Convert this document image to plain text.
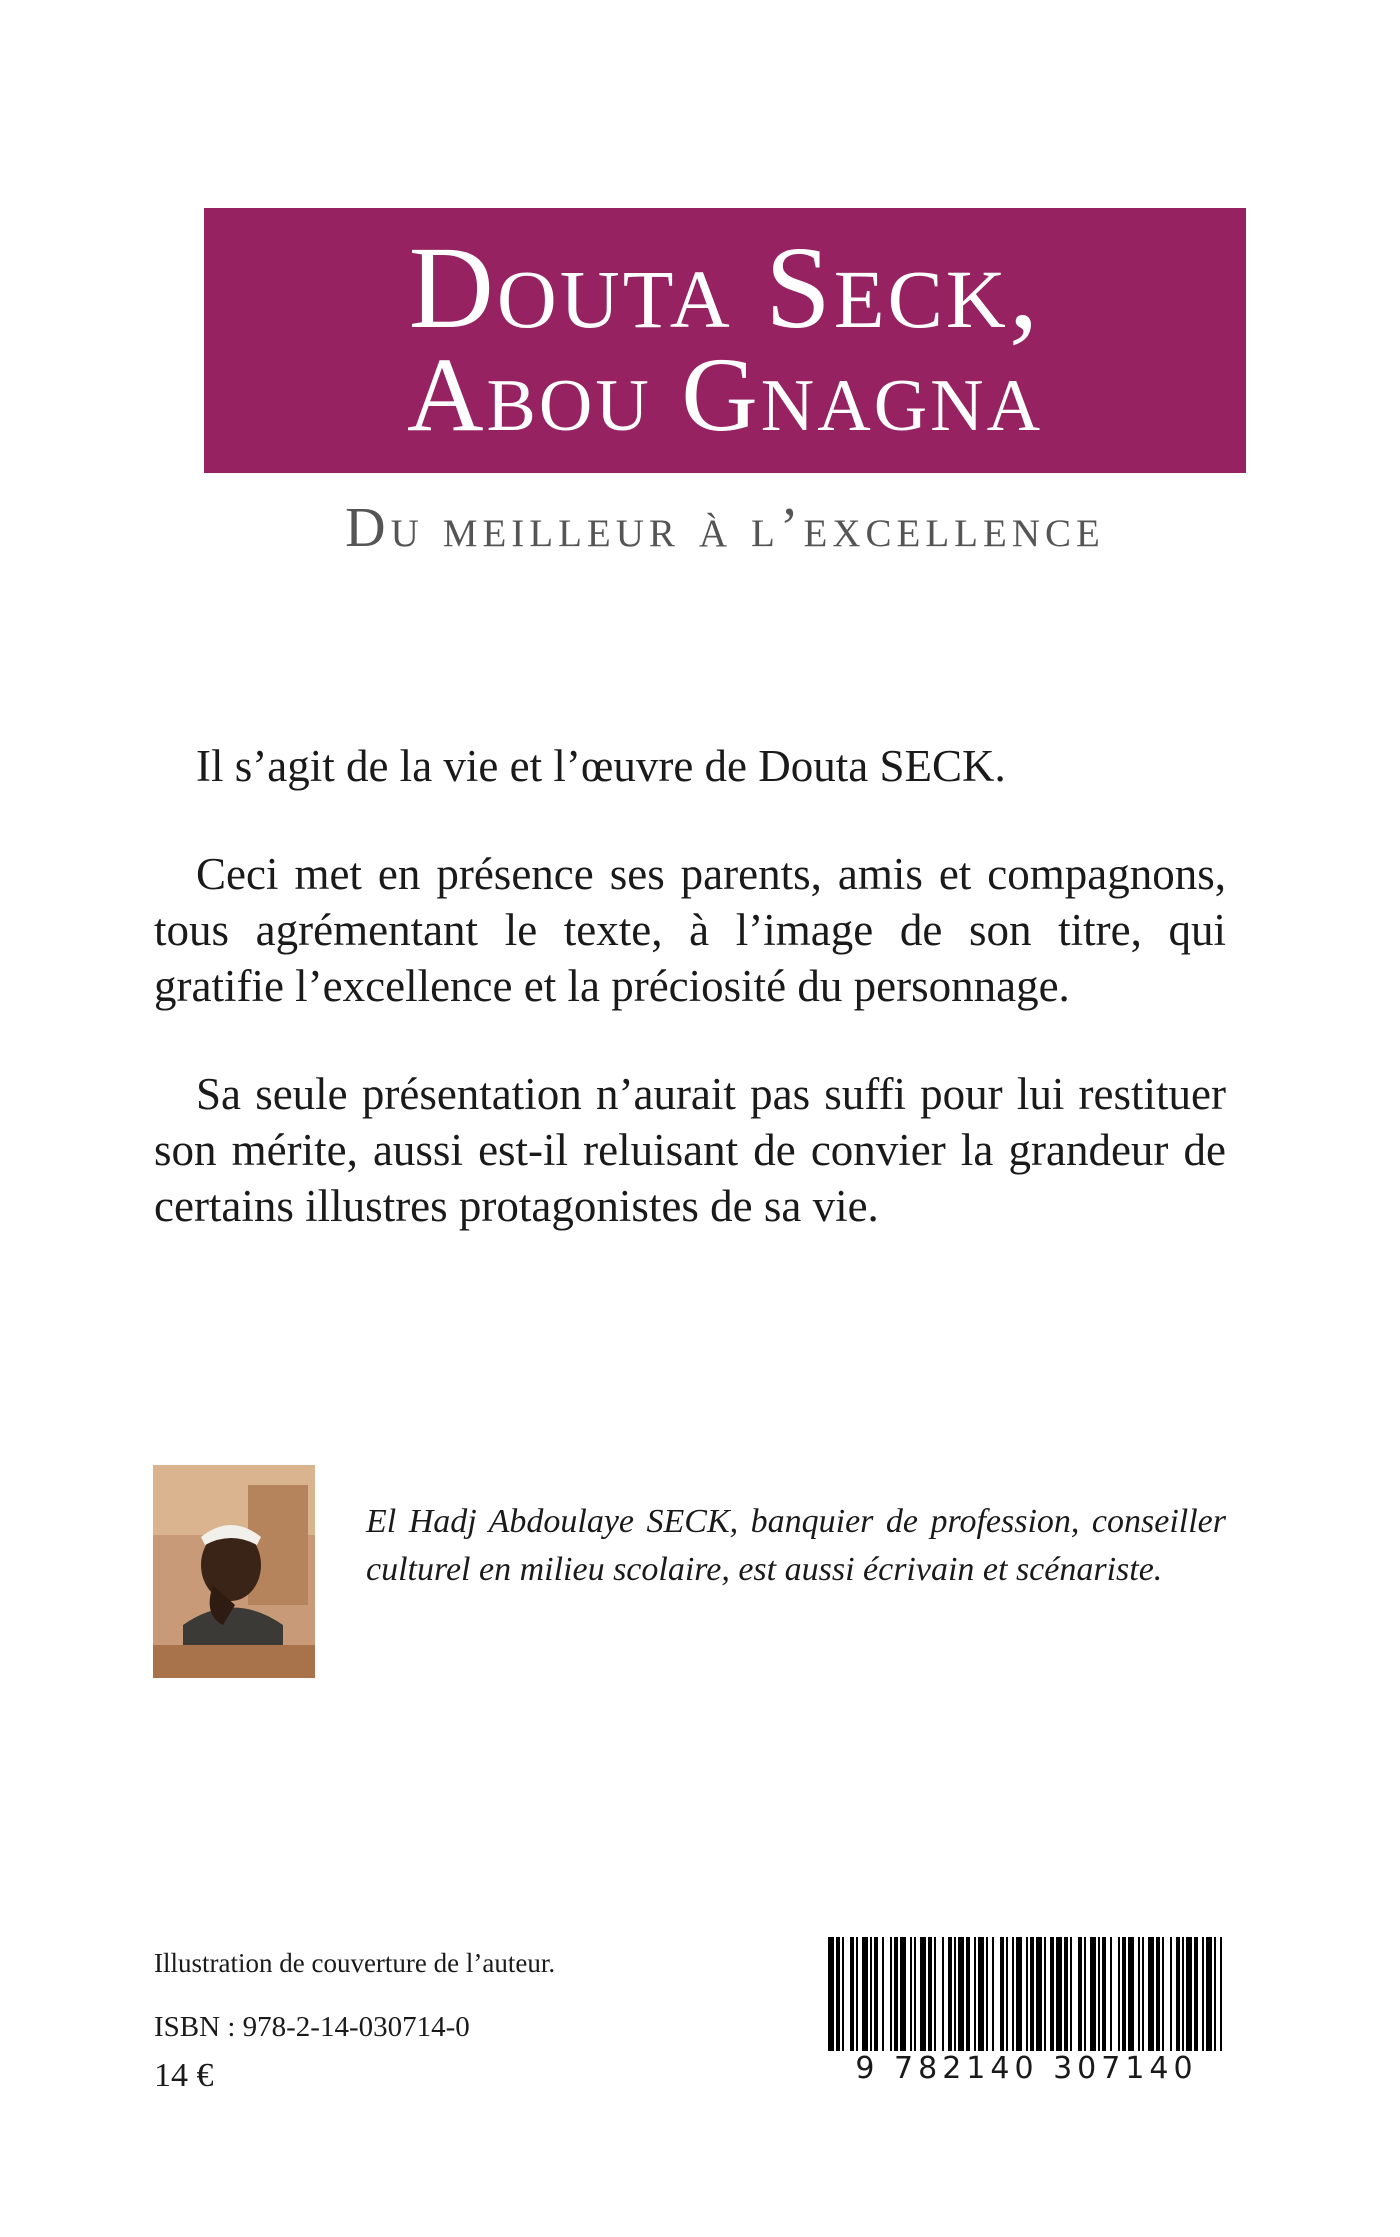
Douta Seck,
Abou Gnagna
Du meilleur à l’excellence

Il s’agit de la vie et l’œuvre de Douta SECK.

Ceci met en présence ses parents, amis et compagnons, tous agrémentant le texte, à l’image de son titre, qui gratifie l’excellence et la préciosité du personnage.

Sa seule présentation n’aurait pas suffi pour lui restituer son mérite, aussi est-il reluisant de convier la grandeur de certains illustres protagonistes de sa vie.

El Hadj Abdoulaye SECK, banquier de profession, conseiller culturel en milieu scolaire, est aussi écrivain et scénariste.
Illustration de couverture de l’auteur.
ISBN : 978-2-14-030714-0
14 €	9 782140 307140
